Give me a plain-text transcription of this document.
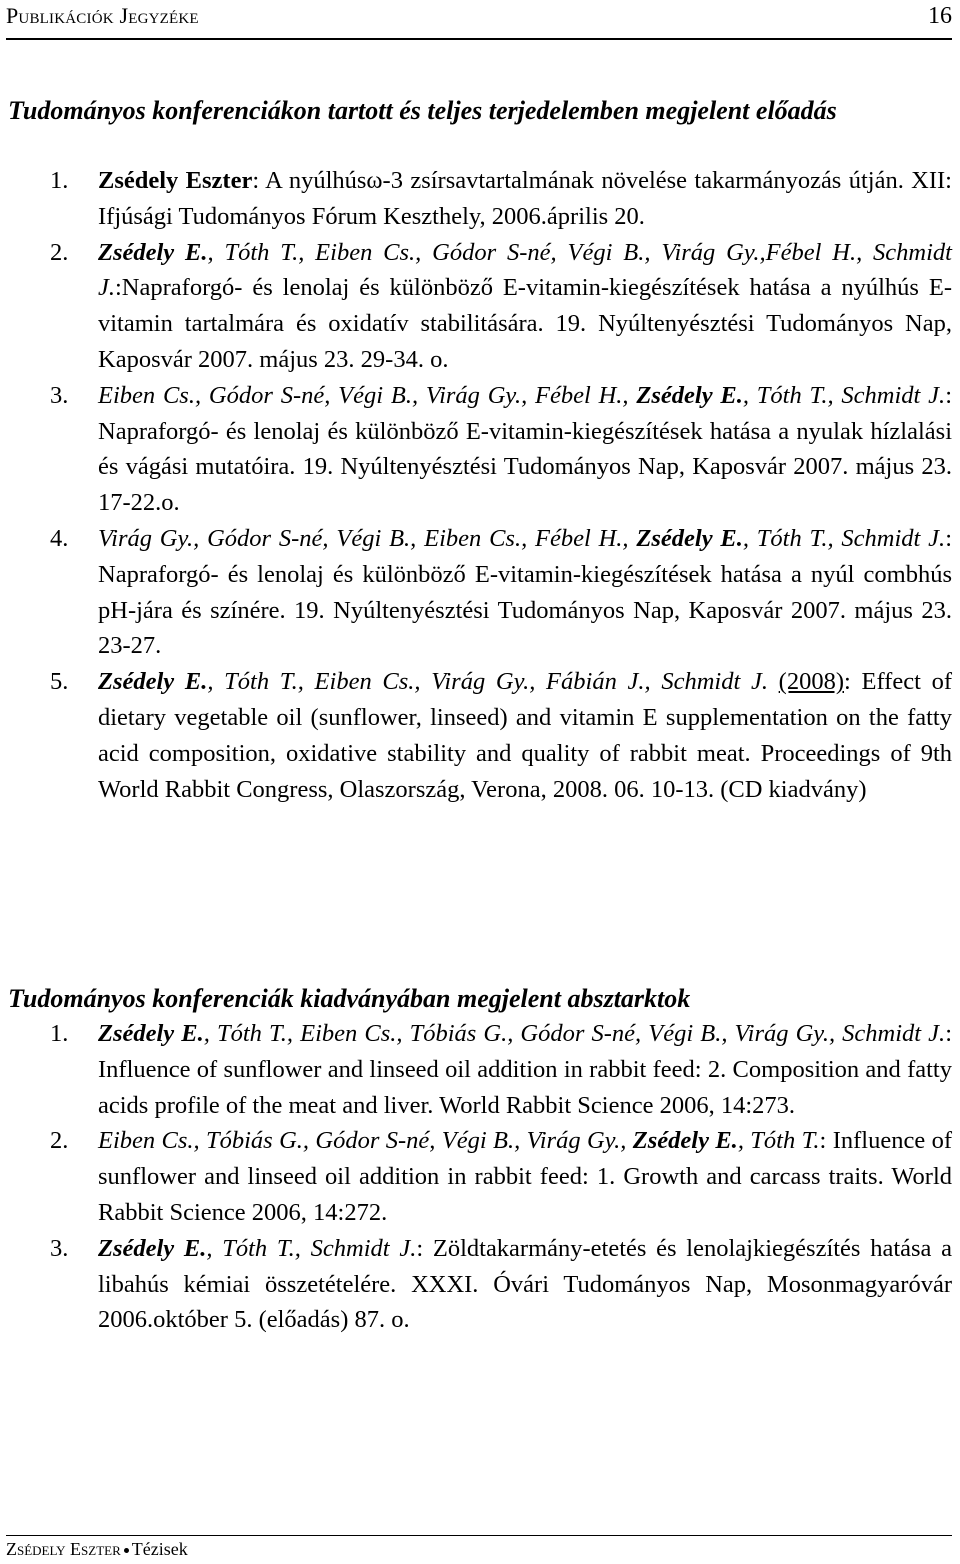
Publikációk Jegyzéke	16

Tudományos konferenciákon tartott és teljes terjedelemben megjelent előadás

1. Zsédely Eszter: A nyúlhúsω-3 zsírsavtartalmának növelése takarmányozás útján. XII: Ifjúsági Tudományos Fórum Keszthely, 2006.április 20.
2. Zsédely E., Tóth T., Eiben Cs., Gódor S-né, Végi B., Virág Gy.,Fébel H., Schmidt J.:Napraforgó- és lenolaj és különböző E-vitamin-kiegészítések hatása a nyúlhús E-vitamin tartalmára és oxidatív stabilitására. 19. Nyúltenyésztési Tudományos Nap, Kaposvár 2007. május 23. 29-34. o.
3. Eiben Cs., Gódor S-né, Végi B., Virág Gy., Fébel H., Zsédely E., Tóth T., Schmidt J.: Napraforgó- és lenolaj és különböző E-vitamin-kiegészítések hatása a nyulak hízlalási és vágási mutatóira. 19. Nyúltenyésztési Tudományos Nap, Kaposvár 2007. május 23. 17-22.o.
4. Virág Gy., Gódor S-né, Végi B., Eiben Cs., Fébel H., Zsédely E., Tóth T., Schmidt J.: Napraforgó- és lenolaj és különböző E-vitamin-kiegészítések hatása a nyúl combhús pH-jára és színére. 19. Nyúltenyésztési Tudományos Nap, Kaposvár 2007. május 23. 23-27.
5. Zsédely E., Tóth T., Eiben Cs., Virág Gy., Fábián J., Schmidt J. (2008): Effect of dietary vegetable oil (sunflower, linseed) and vitamin E supplementation on the fatty acid composition, oxidative stability and quality of rabbit meat. Proceedings of 9th World Rabbit Congress, Olaszország, Verona, 2008. 06. 10-13. (CD kiadvány)

Tudományos konferenciák kiadványában megjelent absztarktok

1. Zsédely E., Tóth T., Eiben Cs., Tóbiás G., Gódor S-né, Végi B., Virág Gy., Schmidt J.: Influence of sunflower and linseed oil addition in rabbit feed: 2. Composition and fatty acids profile of the meat and liver. World Rabbit Science 2006, 14:273.
2. Eiben Cs., Tóbiás G., Gódor S-né, Végi B., Virág Gy., Zsédely E., Tóth T.: Influence of sunflower and linseed oil addition in rabbit feed: 1. Growth and carcass traits. World Rabbit Science 2006, 14:272.
3. Zsédely E., Tóth T., Schmidt J.: Zöldtakarmány-etetés és lenolajkiegészítés hatása a libahús kémiai összetételére. XXXI. Óvári Tudományos Nap, Mosonmagyaróvár 2006.október 5. (előadás) 87. o.
Zsédely Eszter Tézisek
